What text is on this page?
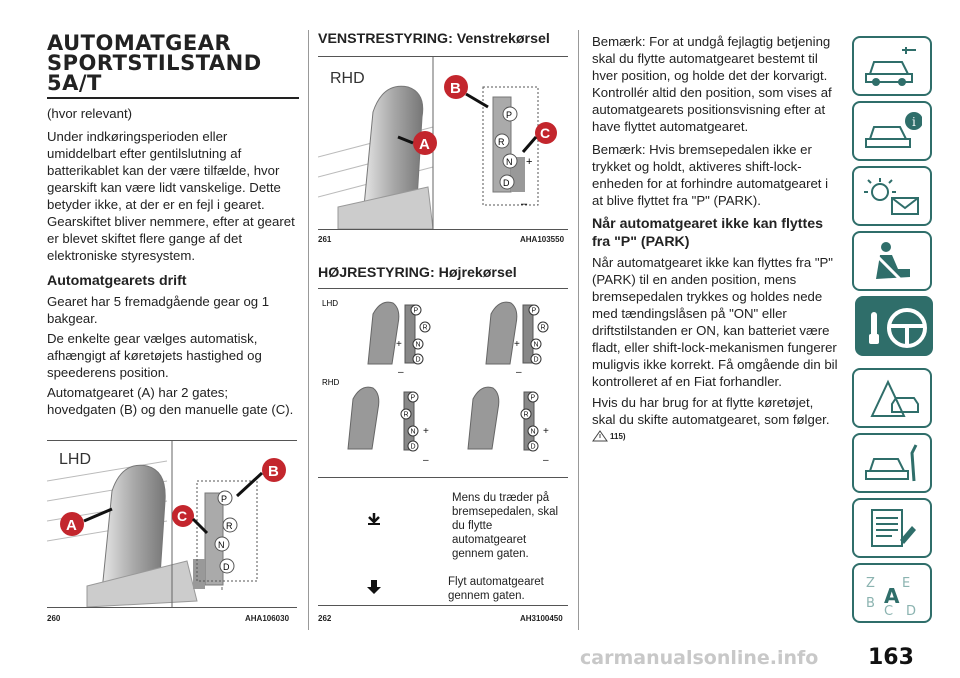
AUTOMATGEAR
SPORTSTILSTAND
5A/T

(hvor relevant)

Under indkøringsperioden eller umiddelbart efter gentilslutning af batterikablet kan der være tilfælde, hvor gearskift kan være lidt vanskelige. Dette betyder ikke, at der er en fejl i gearet. Gearskiftet bliver nemmere, efter at gearet er blevet skiftet flere gange af det elektroniske styresystem.

Automatgearets drift

Gearet har 5 fremadgående gear og 1 bakgear.

De enkelte gear vælges automatisk, afhængigt af køretøjets hastighed og speederens position.

Automatgearet (A) har 2 gates; hovedgaten (B) og den manuelle gate (C).

P
R
N
D
B
C
A
LHD
260	AHA106030
VENSTRESTYRING: Venstrekørsel
P
R
N
D
+
–
B
C
A
RHD
261	AHA103550
HØJRESTYRING: Højrekørsel
LHD
RHD
P
R
N
D
P
R
N
D
P
R
N
D
P
R
N
D
+
–
+
–
+
–
+
–
Mens du træder på bremsepedalen, skal du flytte automatgearet gennem gaten.
Flyt automatgearet gennem gaten.
262	AH3100450

Bemærk: For at undgå fejlagtig betjening skal du flytte automatgearet bestemt til hver position, og holde det der korvarigt. Kontrollér altid den position, som vises af automatgearets positionsvisning efter at have flyttet automatgearet.

Bemærk: Hvis bremsepedalen ikke er trykket og holdt, aktiveres shift-lock-enheden for at forhindre automatgearet i at blive flyttet fra "P" (PARK).

Når automatgearet ikke kan flyttes fra "P" (PARK)

Når automatgearet ikke kan flyttes fra "P" (PARK) til en anden position, mens bremsepedalen trykkes og holdes nede med tændingslåsen på "ON" eller driftstilstanden er ON, kan batteriet være fladt, eller shift-lock-mekanismen fungerer muligvis ikke korrekt. Få omgående din bil kontrolleret af en Fiat forhandler.

Hvis du har brug for at flytte køretøjet, skal du skifte automatgearet, som følger.

115)
i
Z E
B
C D
A
carmanualsonline.info 163
